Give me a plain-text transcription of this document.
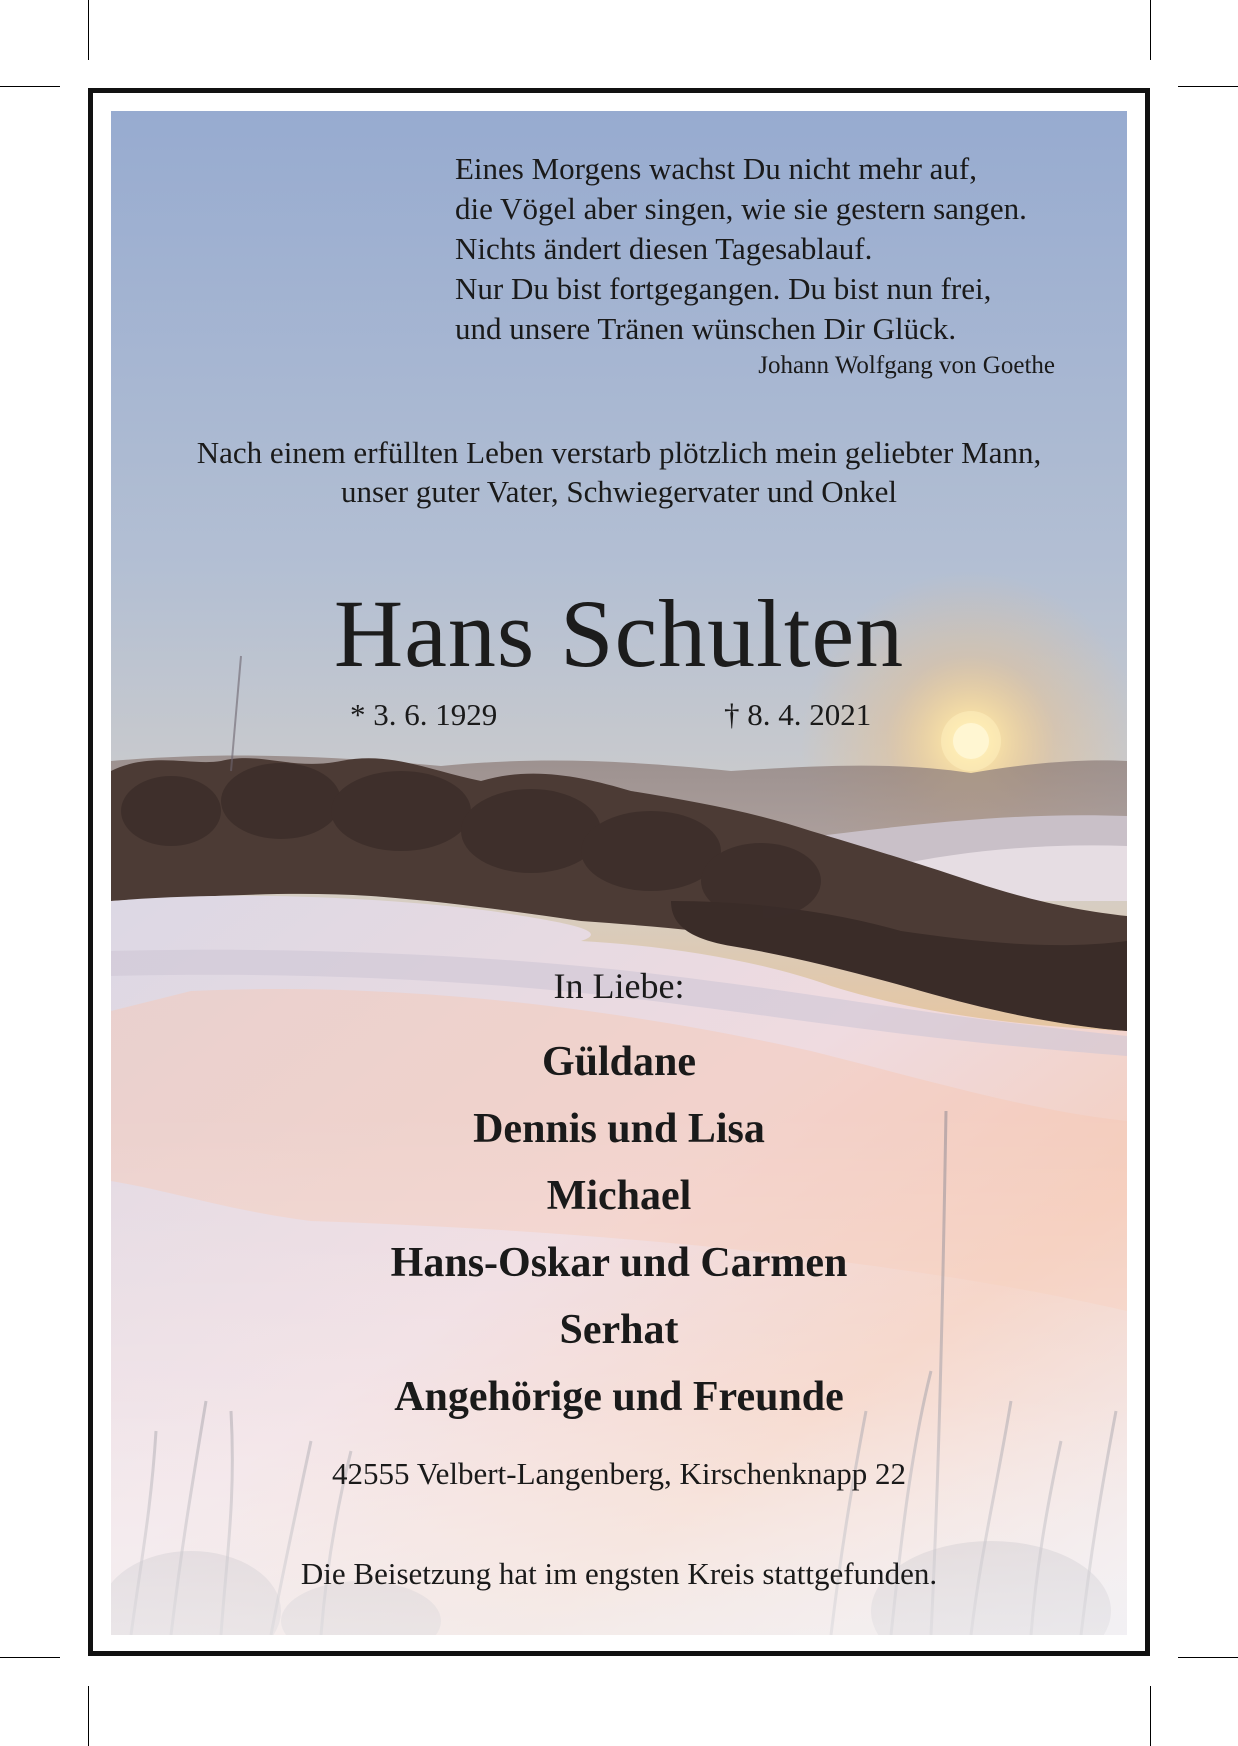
Eines Morgens wachst Du nicht mehr auf,
die Vögel aber singen, wie sie gestern sangen.
Nichts ändert diesen Tagesablauf.
Nur Du bist fortgegangen. Du bist nun frei,
und unsere Tränen wünschen Dir Glück.
Johann Wolfgang von Goethe
Nach einem erfüllten Leben verstarb plötzlich mein geliebter Mann,
unser guter Vater, Schwiegervater und Onkel
Hans Schulten
* 3. 6. 1929	† 8. 4. 2021
In Liebe:
Güldane
Dennis und Lisa
Michael
Hans-Oskar und Carmen
Serhat
Angehörige und Freunde
42555 Velbert-Langenberg, Kirschenknapp 22
Die Beisetzung hat im engsten Kreis stattgefunden.
